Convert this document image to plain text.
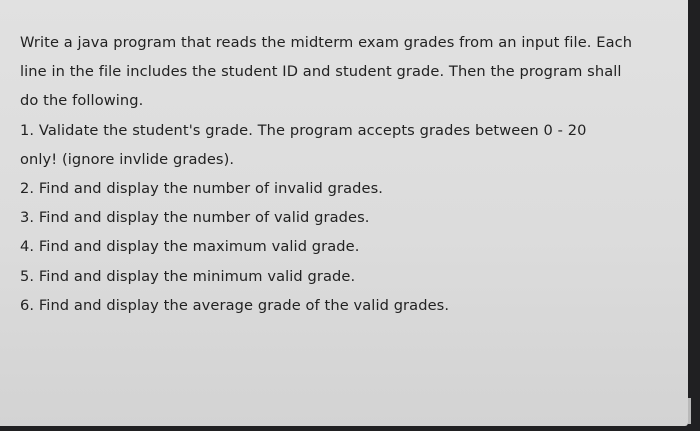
Write a java program that reads the midterm exam grades from an input file. Each
line in the file includes the student ID and student grade. Then the program shall
do the following.
1. Validate the student's grade. The program accepts grades between 0 - 20
only! (ignore invlide grades).
2. Find and display the number of invalid grades.
3. Find and display the number of valid grades.
4. Find and display the maximum valid grade.
5. Find and display the minimum valid grade.
6. Find and display the average grade of the valid grades.
